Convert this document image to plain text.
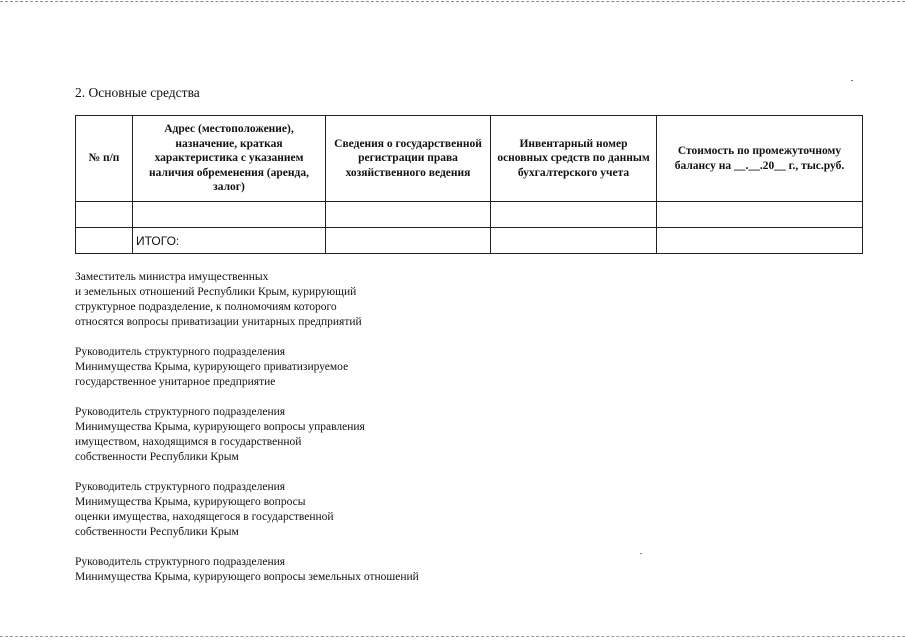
2. Основные средства
№ п/п	Адрес (местоположение), назначение, краткая характеристика с указанием наличия обременения (аренда, залог)	Сведения о государственной регистрации права хозяйственного ведения	Инвентарный номер основных средств по данным бухгалтерского учета	Стоимость по промежуточному балансу на __.__.20__ г., тыс.руб.

	ИТОГО:			
Заместитель министра имущественных
и земельных отношений Республики Крым, курирующий
структурное подразделение, к полномочиям которого
относятся вопросы приватизации унитарных предприятий
Руководитель структурного подразделения
Минимущества Крыма, курирующего приватизируемое
государственное унитарное предприятие
Руководитель структурного подразделения
Минимущества Крыма, курирующего вопросы управления
имуществом, находящимся в государственной
собственности Республики Крым
Руководитель структурного подразделения
Минимущества Крыма, курирующего вопросы
оценки имущества, находящегося в государственной
собственности Республики Крым
Руководитель структурного подразделения
Минимущества Крыма, курирующего вопросы земельных отношений
